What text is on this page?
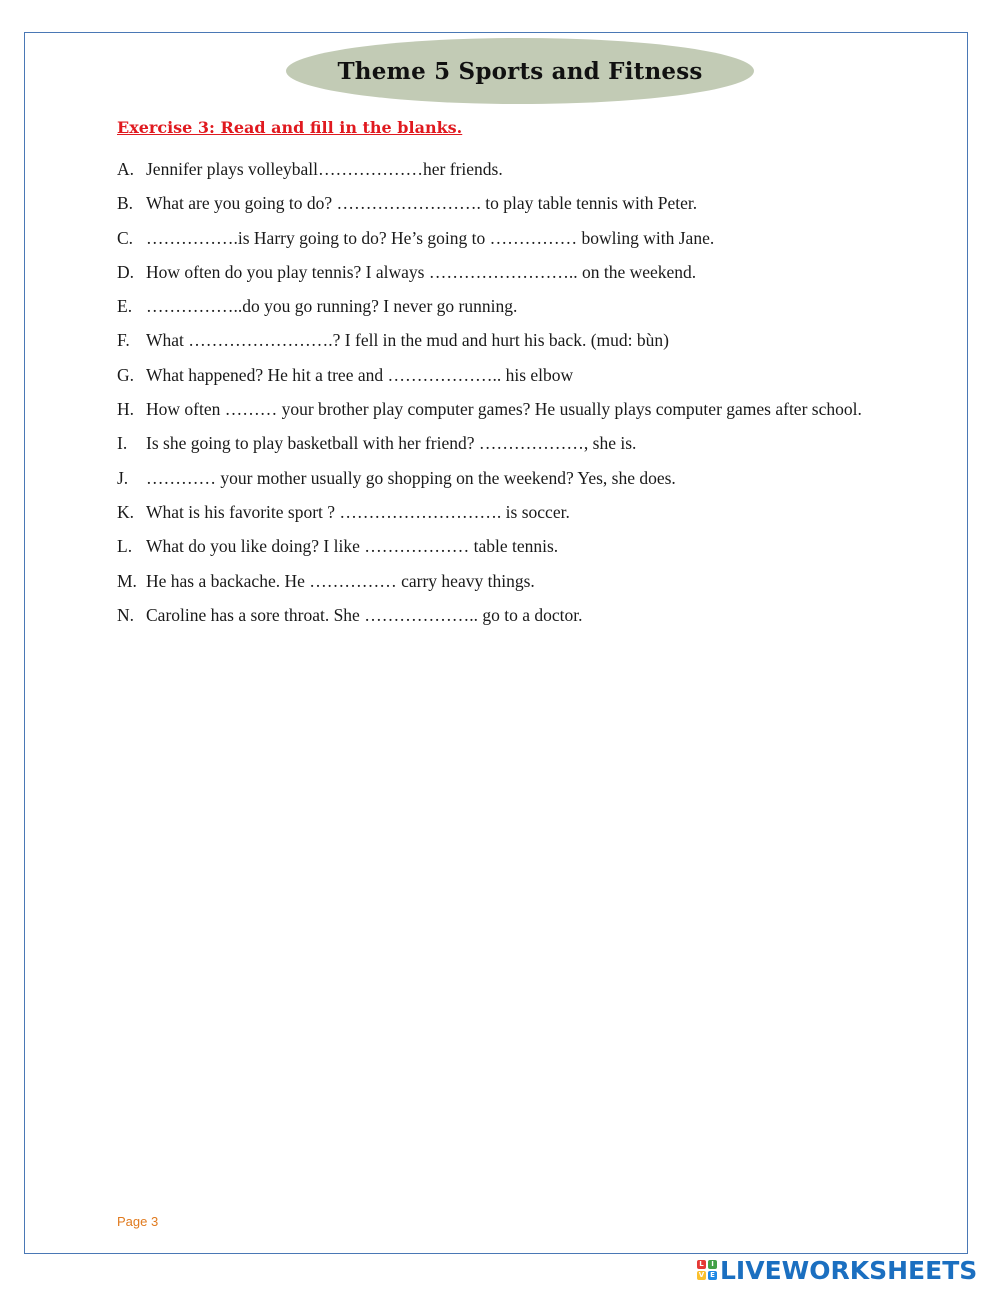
Theme 5 Sports and Fitness
Exercise 3: Read and fill in the blanks.
A. Jennifer plays volleyball………………her friends.
B. What are you going to do? ……………………. to play table tennis with Peter.
C. …………….is Harry going to do? He’s going to …………… bowling with Jane.
D. How often do you play tennis? I always …………………….. on the weekend.
E. ……………..do you go running? I never go running.
F. What …………………….? I fell in the mud and hurt his back. (mud: bùn)
G. What happened? He hit a tree and ……………….. his elbow
H. How often ……… your brother play computer games? He usually plays computer games after school.
I.	Is she going to play basketball with her friend? ………………, she is.
J.	………… your mother usually go shopping on the weekend? Yes, she does.
K. What is his favorite sport ? ………………………. is soccer.
L. What do you like doing? I like ……………… table tennis.
M. He has a backache. He …………… carry heavy things.
N. Caroline has a sore throat. She ……………….. go to a doctor.
Page 3
L	I
V E LIVEWORKSHEETS
